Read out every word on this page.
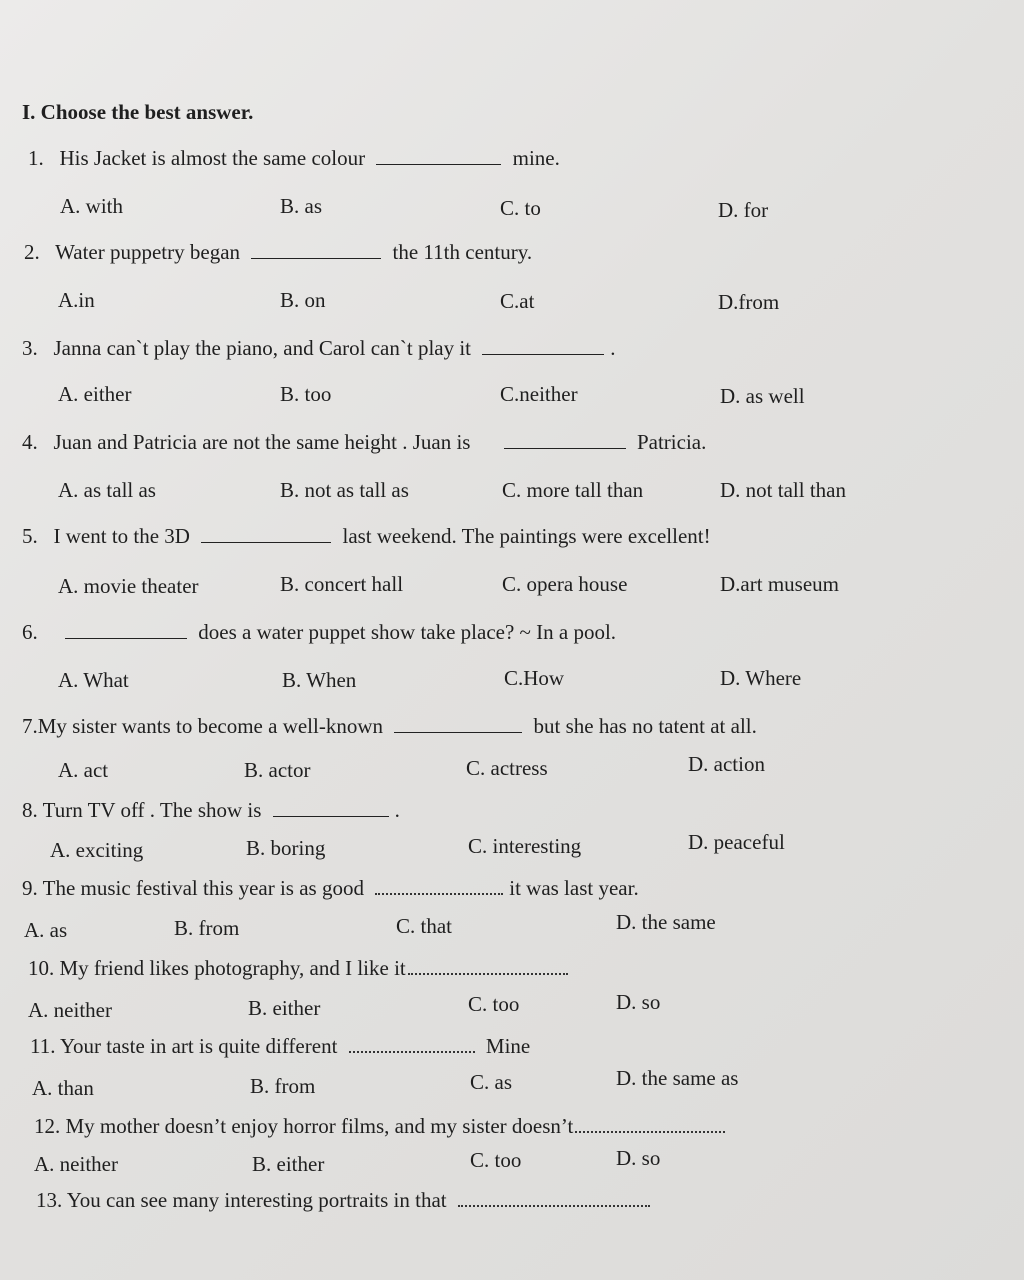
I. Choose the best answer.
1. His Jacket is almost the same colour	mine.
A. with	B. as	C. to	D. for
2. Water puppetry began	the 11th century.
A.in	B. on	C.at	D.from
3. Janna can`t play the piano, and Carol can`t play it	.
A. either	B. too	C.neither	D. as well
4. Juan and Patricia are not the same height . Juan is	Patricia.
A. as tall as	B. not as tall as	C. more tall than	D. not tall than
5. I went to the 3D	last weekend. The paintings were excellent!
A. movie theater	B. concert hall	C. opera house	D.art museum
6.	does a water puppet show take place? ~ In a pool.
A. What	B. When	C.How	D. Where
7.My sister wants to become a well-known	but she has no tatent at all.
A. act	B. actor	C. actress	D. action
8. Turn TV off . The show is	.
A. exciting	B. boring	C. interesting	D. peaceful
9. The music festival this year is as good	it was last year.
A. as	B. from	C. that	D. the same
10. My friend likes photography, and I like it
A. neither	B. either	C. too	D. so
11. Your taste in art is quite different	Mine
A. than	B. from	C. as	D. the same as
12. My mother doesn’t enjoy horror films, and my sister doesn’t
A. neither	B. either	C. too	D. so
13. You can see many interesting portraits in that
